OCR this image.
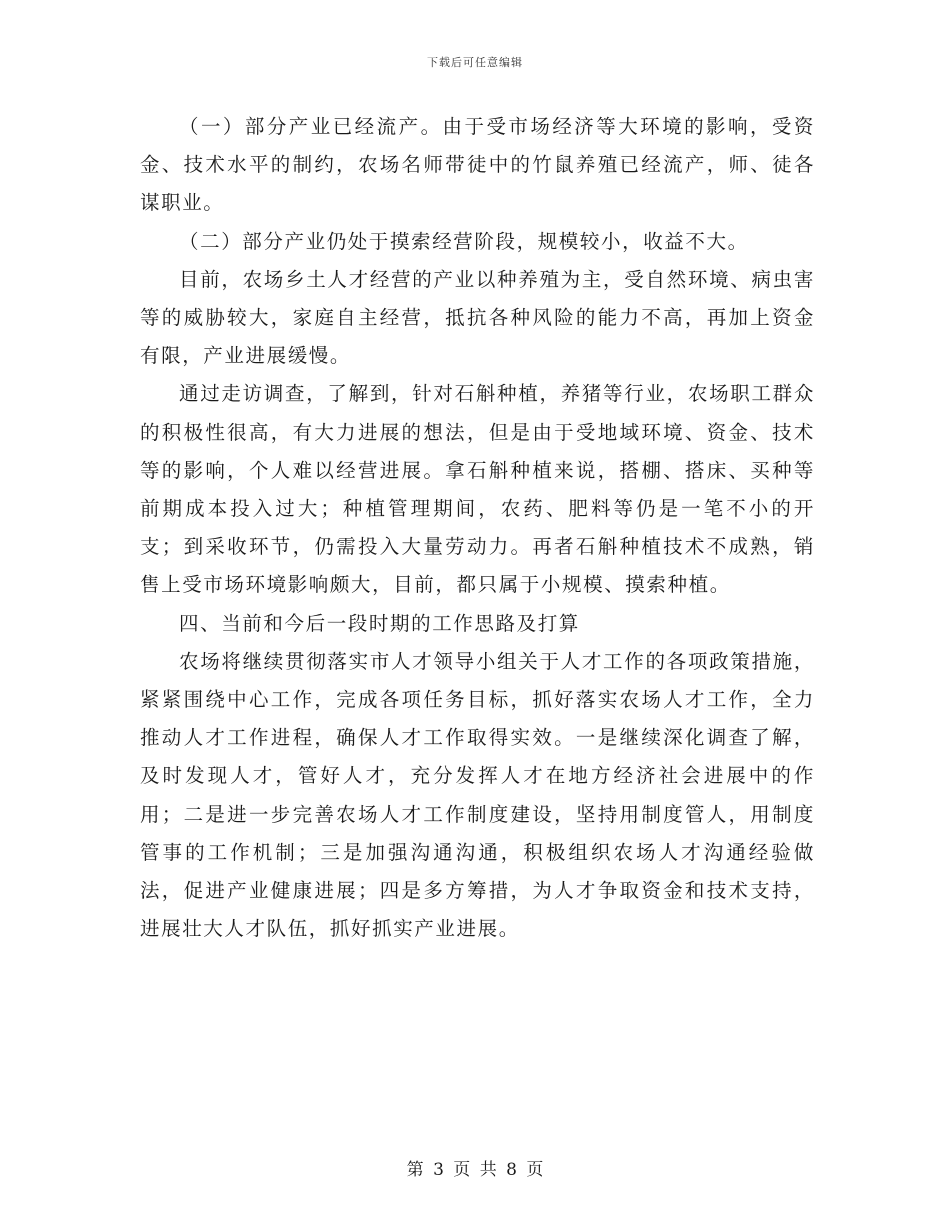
下载后可任意编辑

（一）部分产业已经流产。由于受市场经济等大环境的影响，受资金、技术水平的制约，农场名师带徒中的竹鼠养殖已经流产，师、徒各谋职业。

（二）部分产业仍处于摸索经营阶段，规模较小，收益不大。

目前，农场乡土人才经营的产业以种养殖为主，受自然环境、病虫害等的威胁较大，家庭自主经营，抵抗各种风险的能力不高，再加上资金有限，产业进展缓慢。

通过走访调查，了解到，针对石斛种植，养猪等行业，农场职工群众的积极性很高，有大力进展的想法，但是由于受地域环境、资金、技术等的影响，个人难以经营进展。拿石斛种植来说，搭棚、搭床、买种等前期成本投入过大；种植管理期间，农药、肥料等仍是一笔不小的开支；到采收环节，仍需投入大量劳动力。再者石斛种植技术不成熟，销售上受市场环境影响颇大，目前，都只属于小规模、摸索种植。

四、当前和今后一段时期的工作思路及打算

农场将继续贯彻落实市人才领导小组关于人才工作的各项政策措施，紧紧围绕中心工作，完成各项任务目标，抓好落实农场人才工作，全力推动人才工作进程，确保人才工作取得实效。一是继续深化调查了解，及时发现人才，管好人才，充分发挥人才在地方经济社会进展中的作用；二是进一步完善农场人才工作制度建设，坚持用制度管人，用制度管事的工作机制；三是加强沟通沟通，积极组织农场人才沟通经验做法，促进产业健康进展；四是多方筹措，为人才争取资金和技术支持，进展壮大人才队伍，抓好抓实产业进展。

第 3 页 共 8 页
